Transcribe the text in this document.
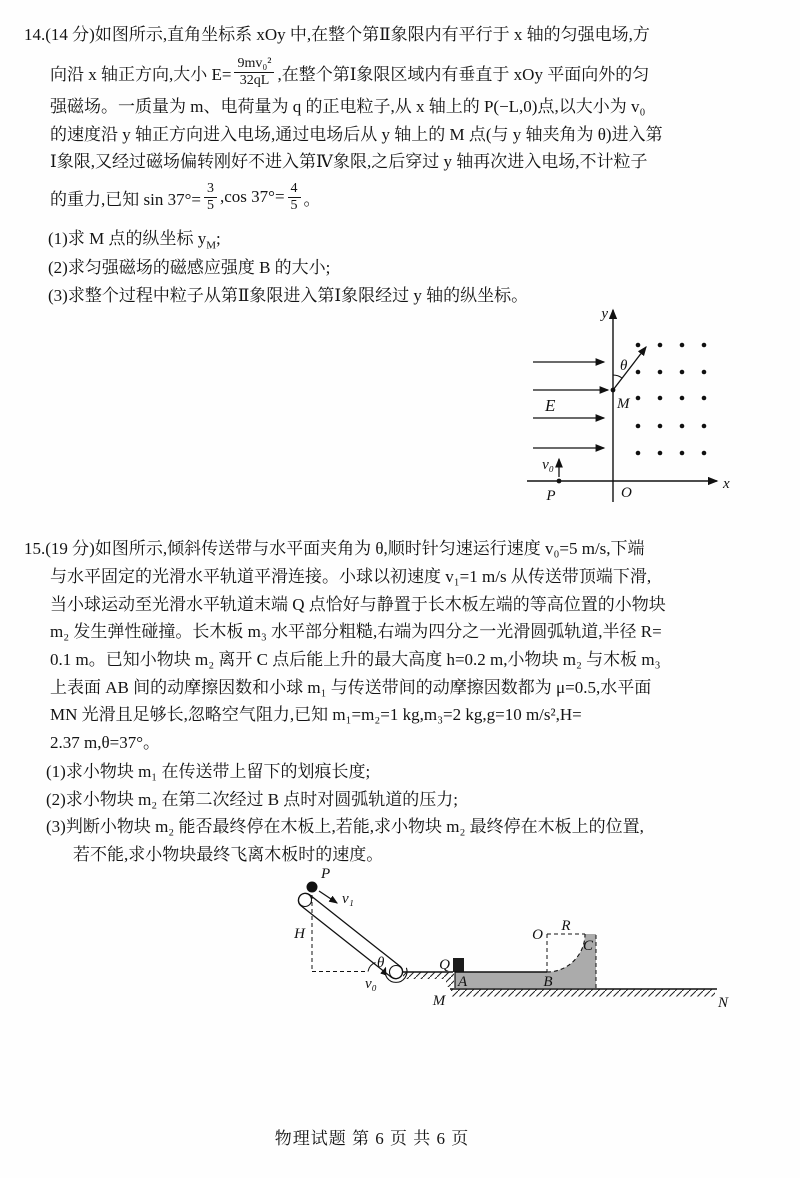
14.(14 分)如图所示,直角坐标系 xOy 中,在整个第Ⅱ象限内有平行于 x 轴的匀强电场,方
向沿 x 轴正方向,大小 $E= \frac{\text{9mv₀²}}{32qL}$ ,在整个第Ⅰ象限区域内有垂直于 xOy 平面向外的匀
强磁场。一质量为 m、电荷量为 q 的正电粒子,从 x 轴上的 P(−L,0)点,以大小为 v₀
的速度沿 y 轴正方向进入电场,通过电场后从 y 轴上的 M 点(与 y 轴夹角为 θ)进入第
Ⅰ象限,又经过磁场偏转刚好不进入第Ⅳ象限,之后穿过 y 轴再次进入电场,不计粒子
的重力,已知 $\sin 37^\circ= \frac{3}{5} ,\cos$ $37^\circ= \frac{4}{5}$ 。
(1)求 M 点的纵坐标 $y_M$;
(2)求匀强磁场的磁感应强度 B 的大小;
(3)求整个过程中粒子从第Ⅱ象限进入第Ⅰ象限经过 y 轴的纵坐标。
y
x
O
E
θ
M
v₀
P
15.(19 分)如图所示,倾斜传送带与水平面夹角为 θ,顺时针匀速运行速度 v₀=5 m/s,下端
与水平固定的光滑水平轨道平滑连接。小球以初速度 v₁=1 m/s 从传送带顶端下滑,
当小球运动至光滑水平轨道末端 Q 点恰好与静置于长木板左端的等高位置的小物块
m₂ 发生弹性碰撞。长木板 m₃ 水平部分粗糙,右端为四分之一光滑圆弧轨道,半径 R=
0.1 m。已知小物块 m₂ 离开 C 点后能上升的最大高度 h=0.2 m,小物块 m₂ 与木板 m₃
上表面 AB 间的动摩擦因数和小球 m₁ 与传送带间的动摩擦因数都为 μ=0.5,水平面
MN 光滑且足够长,忽略空气阻力,已知 m₁=m₂=1 kg,m₃=2 kg,g=10 m/s²,H=
2.37 m,θ=37°。
(1)求小物块 m₁ 在传送带上留下的划痕长度;
(2)求小物块 m₂ 在第二次经过 B 点时对圆弧轨道的压力;
(3)判断小物块 m₂ 能否最终停在木板上,若能,求小物块 m₂ 最终停在木板上的位置,
若不能,求小物块最终飞离木板时的速度。
P
v₁
H
θ
v₀
Q
O
R
C
A	B
M	N
物理试题 第 6 页 共 6 页
